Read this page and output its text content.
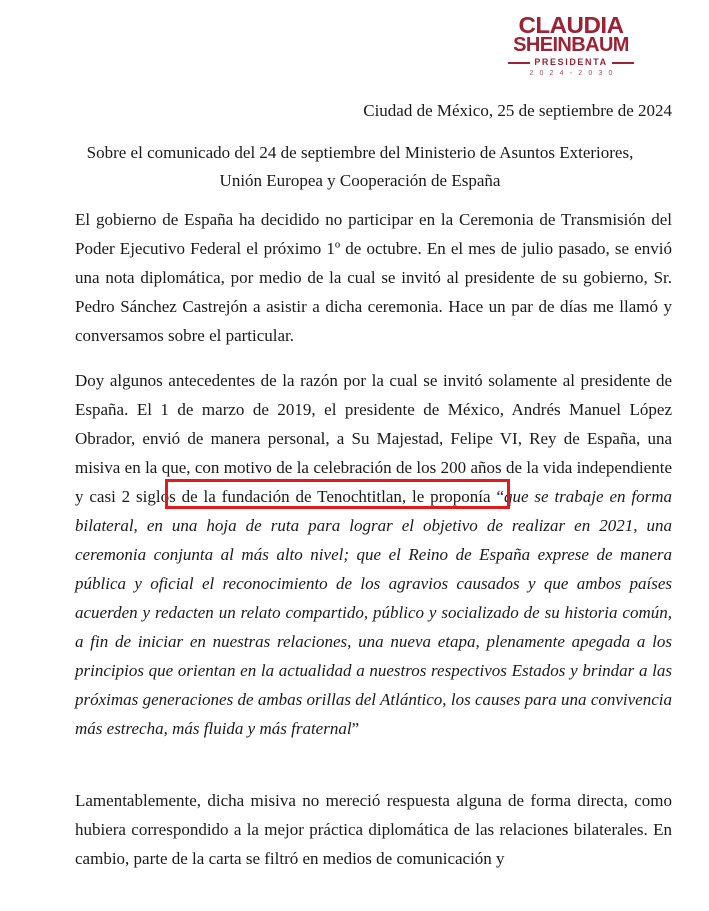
CLAUDIA
SHEINBAUM
PRESIDENTA
2024-2030
Ciudad de México, 25 de septiembre de 2024
Sobre el comunicado del 24 de septiembre del Ministerio de Asuntos Exteriores,
Unión Europea y Cooperación de España
El gobierno de España ha decidido no participar en la Ceremonia de Transmisión del Poder Ejecutivo Federal el próximo 1º de octubre. En el mes de julio pasado, se envió una nota diplomática, por medio de la cual se invitó al presidente de su gobierno, Sr. Pedro Sánchez Castrejón a asistir a dicha ceremonia. Hace un par de días me llamó y conversamos sobre el particular.
Doy algunos antecedentes de la razón por la cual se invitó solamente al presidente de España. El 1 de marzo de 2019, el presidente de México, Andrés Manuel López Obrador, envió de manera personal, a Su Majestad, Felipe VI, Rey de España, una misiva en la que, con motivo de la celebración de los 200 años de la vida independiente y casi 2 siglos de la fundación de Tenochtitlan, le proponía “que se trabaje en forma bilateral, en una hoja de ruta para lograr el objetivo de realizar en 2021, una ceremonia conjunta al más alto nivel; que el Reino de España exprese de manera pública y oficial el reconocimiento de los agravios causados y que ambos países acuerden y redacten un relato compartido, público y socializado de su historia común, a fin de iniciar en nuestras relaciones, una nueva etapa, plenamente apegada a los principios que orientan en la actualidad a nuestros respectivos Estados y brindar a las próximas generaciones de ambas orillas del Atlántico, los causes para una convivencia más estrecha, más fluida y más fraternal”
Lamentablemente, dicha misiva no mereció respuesta alguna de forma directa, como hubiera correspondido a la mejor práctica diplomática de las relaciones bilaterales. En cambio, parte de la carta se filtró en medios de comunicación y
